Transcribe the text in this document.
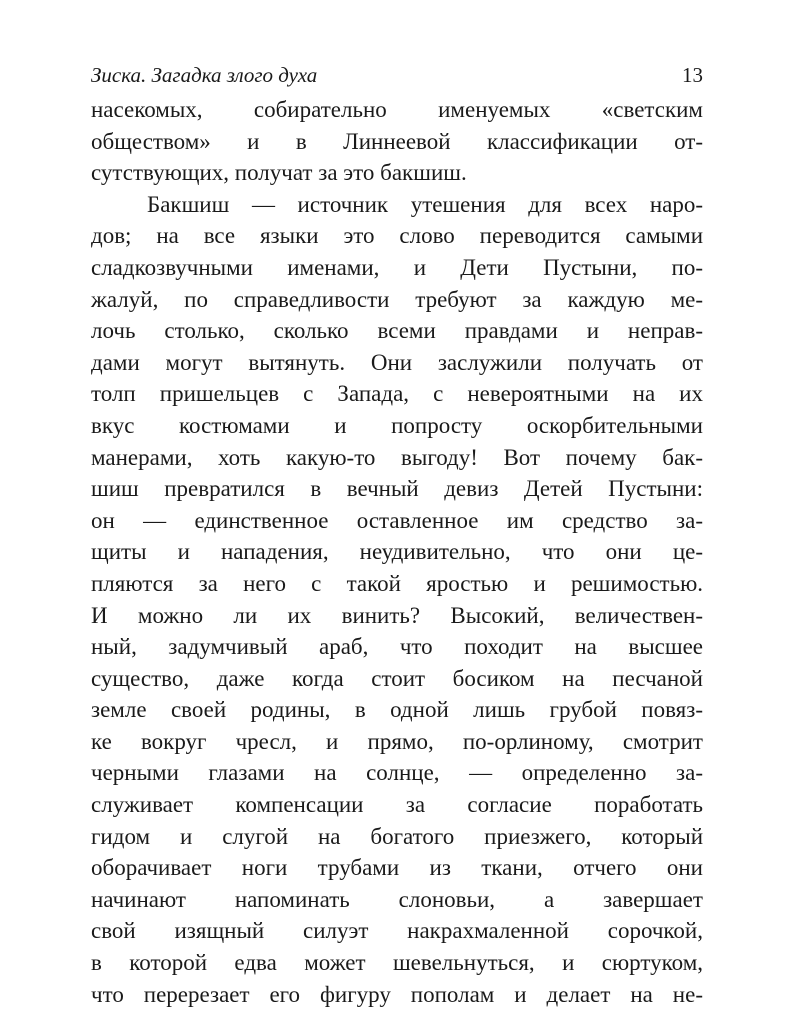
Зиска. Загадка злого духа	13
насекомых, собирательно именуемых «светским
обществом» и в Линнеевой классификации от-
сутствующих, получат за это бакшиш.
Бакшиш — источник утешения для всех наро-
дов; на все языки это слово переводится самыми
сладкозвучными именами, и Дети Пустыни, по-
жалуй, по справедливости требуют за каждую ме-
лочь столько, сколько всеми правдами и неправ-
дами могут вытянуть. Они заслужили получать от
толп пришельцев с Запада, с невероятными на их
вкус костюмами и попросту оскорбительными
манерами, хоть какую-то выгоду! Вот почему бак-
шиш превратился в вечный девиз Детей Пустыни:
он — единственное оставленное им средство за-
щиты и нападения, неудивительно, что они це-
пляются за него с такой яростью и решимостью.
И можно ли их винить? Высокий, величествен-
ный, задумчивый араб, что походит на высшее
существо, даже когда стоит босиком на песчаной
земле своей родины, в одной лишь грубой повяз-
ке вокруг чресл, и прямо, по-орлиному, смотрит
черными глазами на солнце, — определенно за-
служивает компенсации за согласие поработать
гидом и слугой на богатого приезжего, который
оборачивает ноги трубами из ткани, отчего они
начинают напоминать слоновьи, а завершает
свой изящный силуэт накрахмаленной сорочкой,
в которой едва может шевельнуться, и сюртуком,
что перерезает его фигуру пополам и делает на не-
